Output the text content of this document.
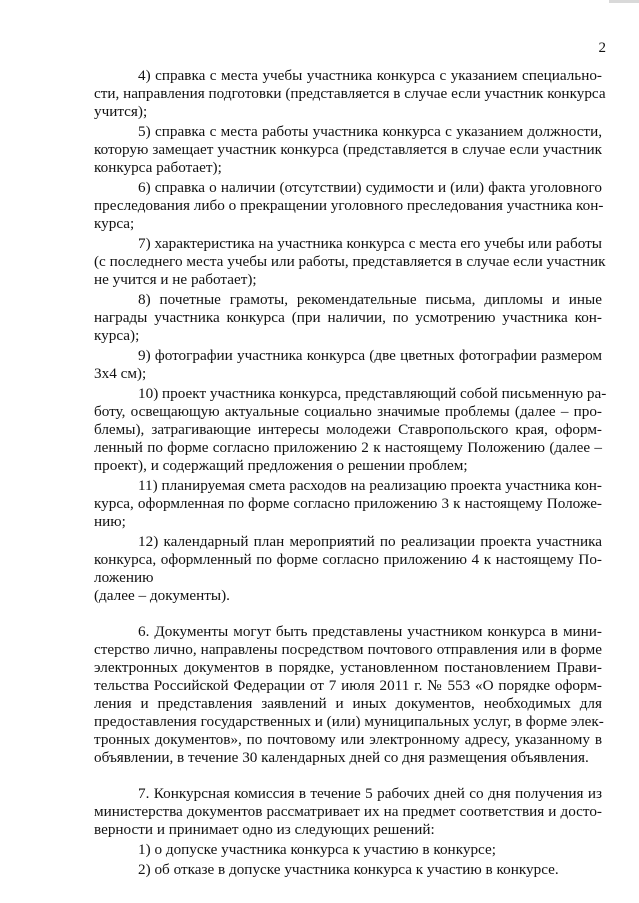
2
4) справка с места учебы участника конкурса с указанием специально-
сти, направления подготовки (представляется в случае если участник конкурса
учится);
5) справка с места работы участника конкурса с указанием должности,
которую замещает участник конкурса (представляется в случае если участник
конкурса работает);
6) справка о наличии (отсутствии) судимости и (или) факта уголовного
преследования либо о прекращении уголовного преследования участника кон-
курса;
7) характеристика на участника конкурса с места его учебы или работы
(с последнего места учебы или работы, представляется в случае если участник
не учится и не работает);
8) почетные грамоты, рекомендательные письма, дипломы и иные
награды участника конкурса (при наличии, по усмотрению участника кон-
курса);
9) фотографии участника конкурса (две цветных фотографии размером
3х4 см);
10) проект участника конкурса, представляющий собой письменную ра-
боту, освещающую актуальные социально значимые проблемы (далее – про-
блемы), затрагивающие интересы молодежи Ставропольского края, оформ-
ленный по форме согласно приложению 2 к настоящему Положению (далее –
проект), и содержащий предложения о решении проблем;
11) планируемая смета расходов на реализацию проекта участника кон-
курса, оформленная по форме согласно приложению 3 к настоящему Положе-
нию;
12) календарный план мероприятий по реализации проекта участника
конкурса, оформленный по форме согласно приложению 4 к настоящему По-
ложению
(далее – документы).
6. Документы могут быть представлены участником конкурса в мини-
стерство лично, направлены посредством почтового отправления или в форме
электронных документов в порядке, установленном постановлением Прави-
тельства Российской Федерации от 7 июля 2011 г. № 553 «О порядке оформ-
ления и представления заявлений и иных документов, необходимых для
предоставления государственных и (или) муниципальных услуг, в форме элек-
тронных документов», по почтовому или электронному адресу, указанному в
объявлении, в течение 30 календарных дней со дня размещения объявления.
7. Конкурсная комиссия в течение 5 рабочих дней со дня получения из
министерства документов рассматривает их на предмет соответствия и досто-
верности и принимает одно из следующих решений:
1) о допуске участника конкурса к участию в конкурсе;
2) об отказе в допуске участника конкурса к участию в конкурсе.
